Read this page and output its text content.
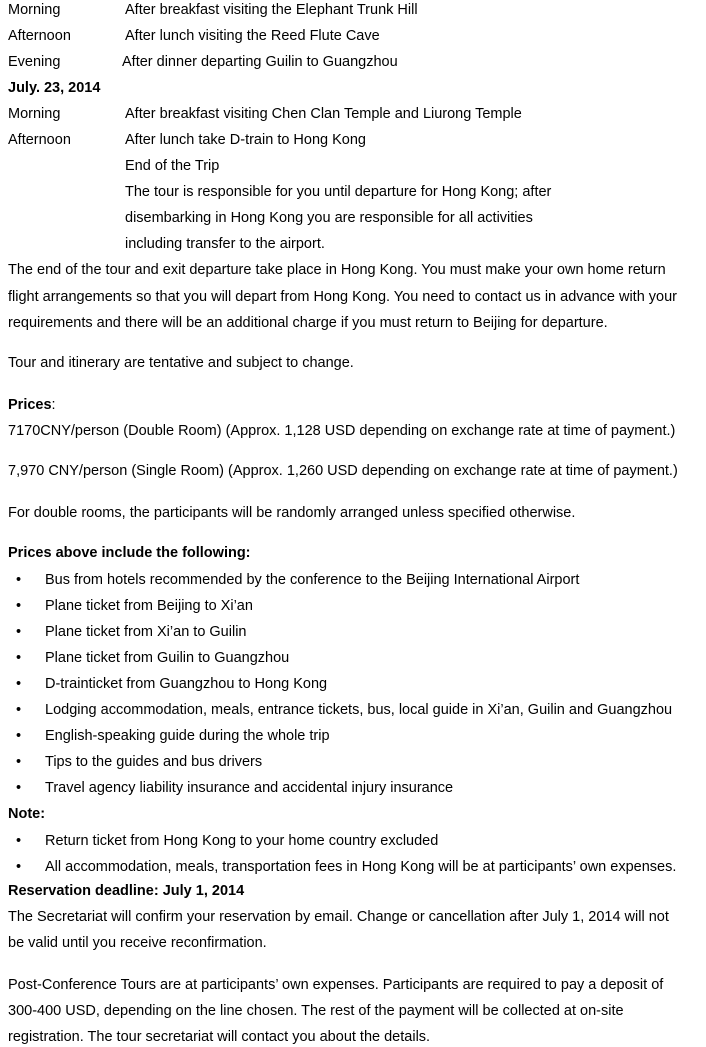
Morning	After breakfast visiting the Elephant Trunk Hill
Afternoon	After lunch visiting the Reed Flute Cave
Evening	After dinner departing Guilin to Guangzhou
July. 23, 2014
Morning	After breakfast visiting Chen Clan Temple and Liurong Temple
Afternoon	After lunch take D-train to Hong Kong
End of the Trip
The tour is responsible for you until departure for Hong Kong; after
disembarking in Hong Kong you are responsible for all activities
including transfer to the airport.
The end of the tour and exit departure take place in Hong Kong. You must make your own home return
flight arrangements so that you will depart from Hong Kong. You need to contact us in advance with your
requirements and there will be an additional charge if you must return to Beijing for departure.
Tour and itinerary are tentative and subject to change.
Prices:
7170CNY/person (Double Room) (Approx. 1,128 USD depending on exchange rate at time of payment.)
7,970 CNY/person (Single Room) (Approx. 1,260 USD depending on exchange rate at time of payment.)
For double rooms, the participants will be randomly arranged unless specified otherwise.
Prices above include the following:
• Bus from hotels recommended by the conference to the Beijing International Airport
• Plane ticket from Beijing to Xi’an
• Plane ticket from Xi’an to Guilin
• Plane ticket from Guilin to Guangzhou
• D-trainticket from Guangzhou to Hong Kong
• Lodging accommodation, meals, entrance tickets, bus, local guide in Xi’an, Guilin and Guangzhou
• English-speaking guide during the whole trip
• Tips to the guides and bus drivers
• Travel agency liability insurance and accidental injury insurance
Note:
• Return ticket from Hong Kong to your home country excluded
• All accommodation, meals, transportation fees in Hong Kong will be at participants’ own expenses.
Reservation deadline: July 1, 2014
The Secretariat will confirm your reservation by email. Change or cancellation after July 1, 2014 will not
be valid until you receive reconfirmation.
Post-Conference Tours are at participants’ own expenses. Participants are required to pay a deposit of
300-400 USD, depending on the line chosen. The rest of the payment will be collected at on-site
registration. The tour secretariat will contact you about the details.
